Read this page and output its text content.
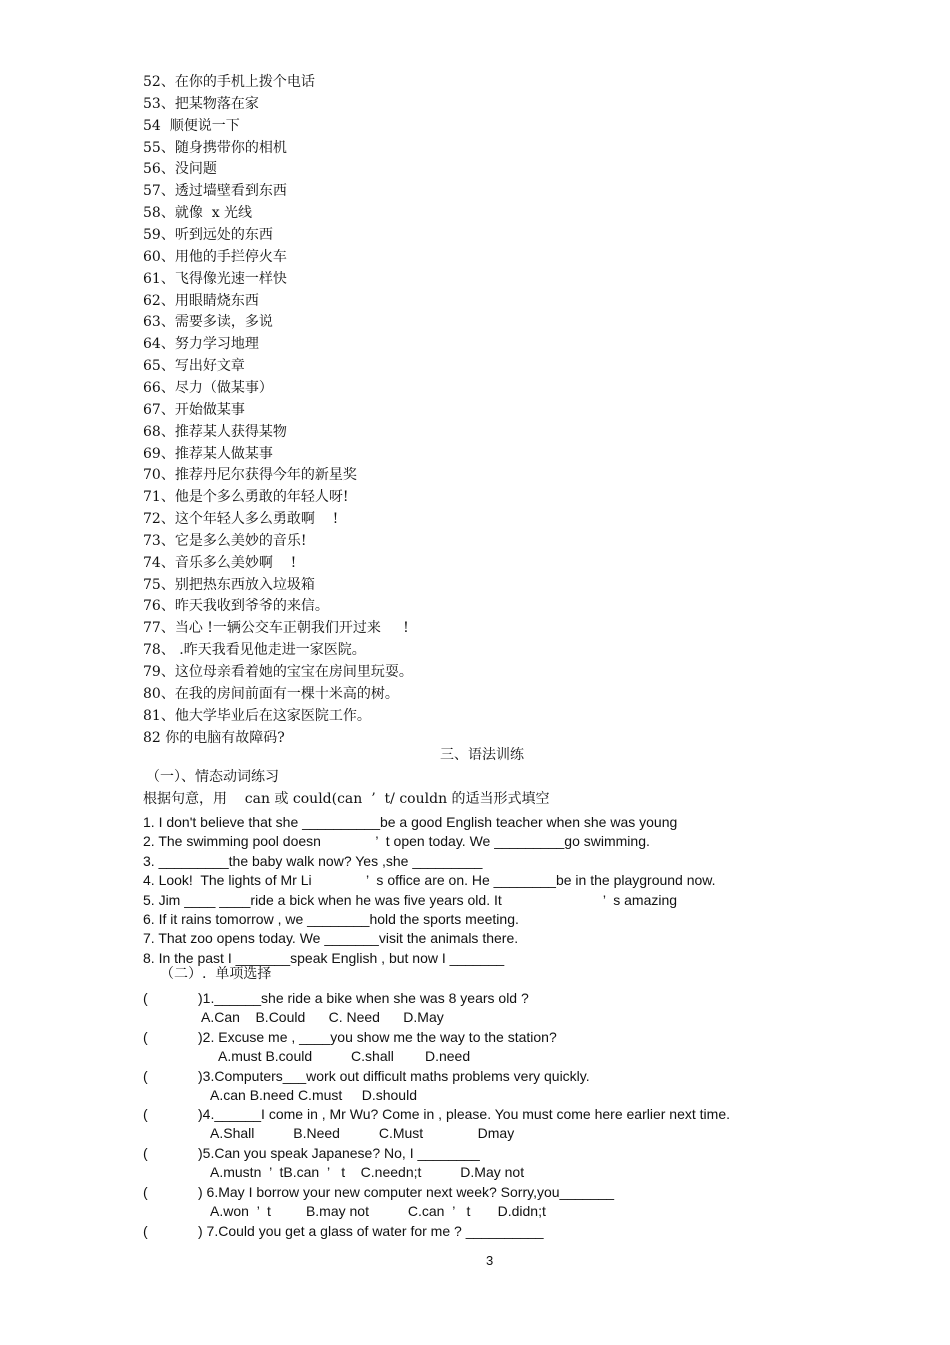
52、在你的手机上拨个电话
53、把某物落在家
54  顺便说一下
55、随身携带你的相机
56、没问题
57、透过墙壁看到东西
58、就像  x 光线
59、听到远处的东西
60、用他的手拦停火车
61、飞得像光速一样快
62、用眼睛烧东西
63、需要多读，多说
64、努力学习地理
65、写出好文章
66、尽力（做某事）
67、开始做某事
68、推荐某人获得某物
69、推荐某人做某事
70、推荐丹尼尔获得今年的新星奖
71、他是个多么勇敢的年轻人呀!
72、这个年轻人多么勇敢啊    !
73、它是多么美妙的音乐!
74、音乐多么美妙啊    !
75、别把热东西放入垃圾箱
76、昨天我收到爷爷的来信。
77、当心 !一辆公交车正朝我们开过来     !
78、 .昨天我看见他走进一家医院。
79、这位母亲看着她的宝宝在房间里玩耍。
80、在我的房间前面有一棵十米高的树。
81、他大学毕业后在这家医院工作。
82 你的电脑有故障码?
三、语法训练
（一）、情态动词练习
根据句意，用    can 或 could(can  ’  t/ couldn 的适当形式填空
1. I don't believe that she __________be a good English teacher when she was young
2. The swimming pool doesn              ’  t open today. We _________go swimming.
3. _________the baby walk now? Yes ,she _________
4. Look!  The lights of Mr Li              ’  s office are on. He ________be in the playground now.
5. Jim ____ ____ride a bick when he was five years old. It                          ’  s amazing
6. If it rains tomorrow , we ________hold the sports meeting.
7. That zoo opens today. We _______visit the animals there.
8. In the past I _______speak English , but now I _______
（二）.  单项选择
(	)1.______she ride a bike when she was 8 years old ?
A.Can    B.Could      C. Need      D.May
(	)2. Excuse me , ____you show me the way to the station?
A.must B.could          C.shall        D.need
(	)3.Computers___work out difficult maths problems very quickly.
A.can B.need C.must     D.should
(	)4.______I come in , Mr Wu? Come in , please. You must come here earlier next time.
A.Shall          B.Need          C.Must              Dmay
(	)5.Can you speak Japanese? No, I ________
A.mustn  ’  tB.can  ’   t    C.needn;t          D.May not
(	) 6.May I borrow your new computer next week? Sorry,you_______
A.won  ’  t         B.may not          C.can  ’   t       D.didn;t
(	) 7.Could you get a glass of water for me ? __________
3
